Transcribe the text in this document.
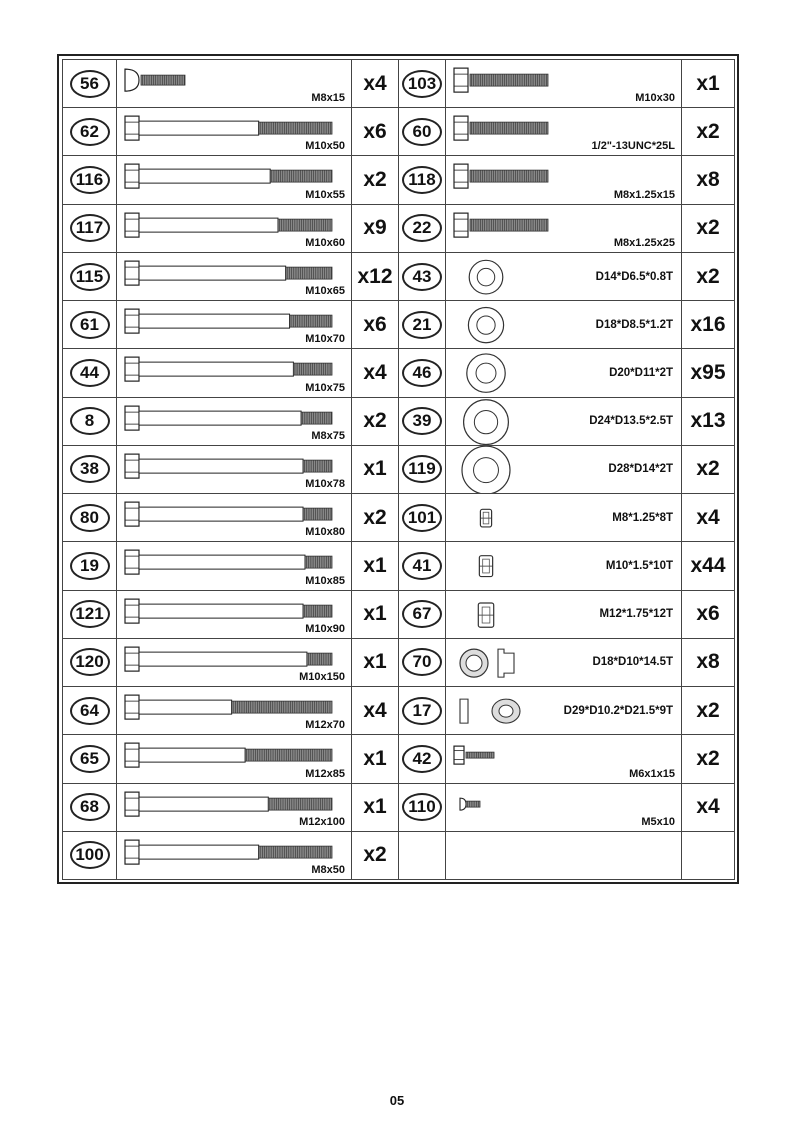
56	M8x15	x4	103	M10x30	x1
62	M10x50	x6	60	1/2"-13UNC*25L	x2
116	M10x55	x2	118	M8x1.25x15	x8
117	M10x60	x9	22	M8x1.25x25	x2
115	M10x65	x12	43	D14*D6.5*0.8T	x2
61	M10x70	x6	21	D18*D8.5*1.2T	x16
44	M10x75	x4	46	D20*D11*2T	x95
8	M8x75	x2	39	D24*D13.5*2.5T	x13
38	M10x78	x1	119	D28*D14*2T	x2
80	M10x80	x2	101	M8*1.25*8T	x4
19	M10x85	x1	41	M10*1.5*10T	x44
121	M10x90	x1	67	M12*1.75*12T	x6
120	M10x150	x1	70	D18*D10*14.5T	x8
64	M12x70	x4	17	D29*D10.2*D21.5*9T	x2
65	M12x85	x1	42	M6x1x15	x2
68	M12x100	x1	110	M5x10	x4
100	M8x50	x2			
05
